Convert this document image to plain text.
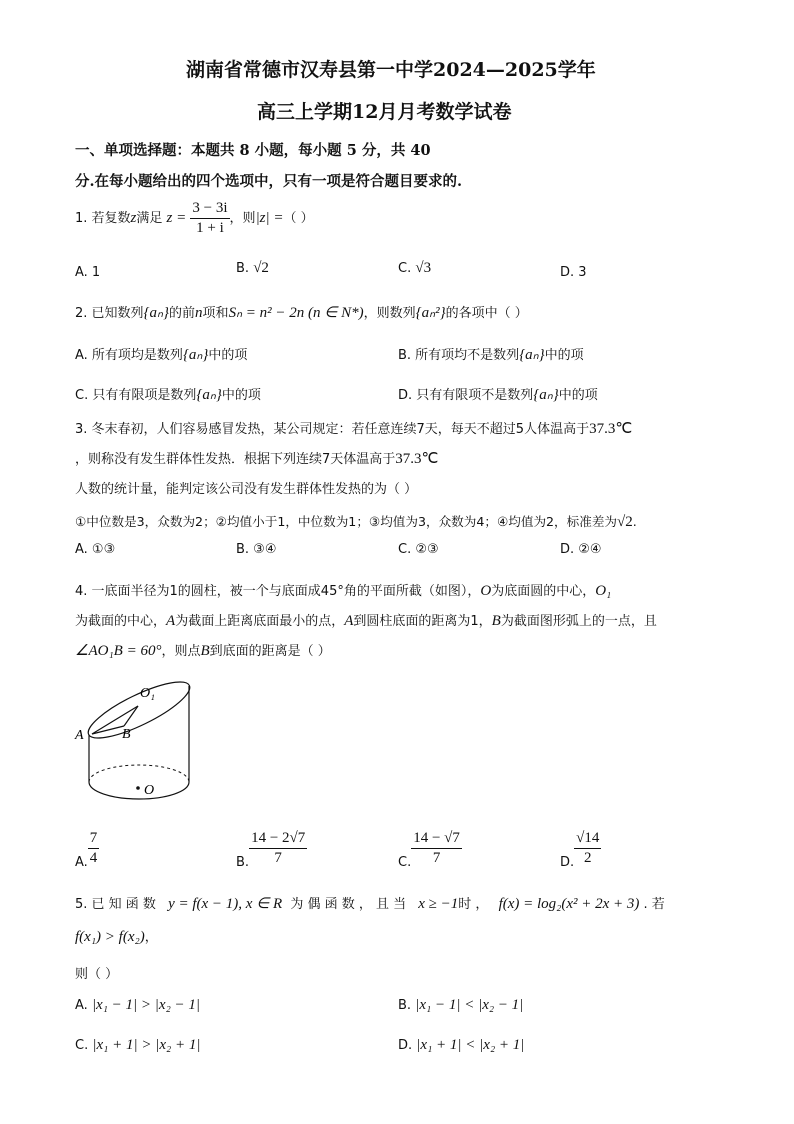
湖南省常德市汉寿县第一中学2024—2025学年
高三上学期12月月考数学试卷
一、单项选择题：本题共 8 小题，每小题 5 分，共 40
分.在每小题给出的四个选项中，只有一项是符合题目要求的.
1. 若复数z满足 $z = \frac{3 - 3i}{1 + i}$ ，则|z| =（ ）
A. 1	B. √2	C. √3	D. 3
2. 已知数列{aₙ}的前n项和Sₙ = n² − 2n (n ∈ N*)，则数列{aₙ²}的各项中（ ）
A. 所有项均是数列{aₙ}中的项	B. 所有项均不是数列{aₙ}中的项
C. 只有有限项是数列{aₙ}中的项	D. 只有有限项不是数列{aₙ}中的项
3. 冬末春初，人们容易感冒发热，某公司规定：若任意连续7天，每天不超过5人体温高于37.3℃
，则称没有发生群体性发热．根据下列连续7天体温高于37.3℃
人数的统计量，能判定该公司没有发生群体性发热的为（ ）
①中位数是3，众数为2；②均值小于1，中位数为1；③均值为3，众数为4；④均值为2，标准差为√2.
A. ①③	B. ③④	C. ②③	D. ②④
4. 一底面半径为1的圆柱，被一个与底面成45°角的平面所截（如图），O为底面圆的中心，O₁
为截面的中心，A为截面上距离底面最小的点，A到圆柱底面的距离为1，B为截面图形弧上的一点，且
∠AO₁B = 60°，则点B到底面的距离是（ ）
O₁
B
A
O
A. $\frac{7}{4}$	B. $\frac{14 - 2√7}{7}$	C. $\frac{14 - √7}{7}$	D. $\frac{√14}{2}$
5. 已 知 函 数 y = f(x − 1), x ∈ R 为 偶 函 数 ， 且 当 x ≥ −1时 ， f(x) = log₂(x² + 2x + 3) . 若
f(x₁) > f(x₂)，
则（ ）
A. |x₁ − 1| > |x₂ − 1|	B. |x₁ − 1| < |x₂ − 1|
C. |x₁ + 1| > |x₂ + 1|	D. |x₁ + 1| < |x₂ + 1|
